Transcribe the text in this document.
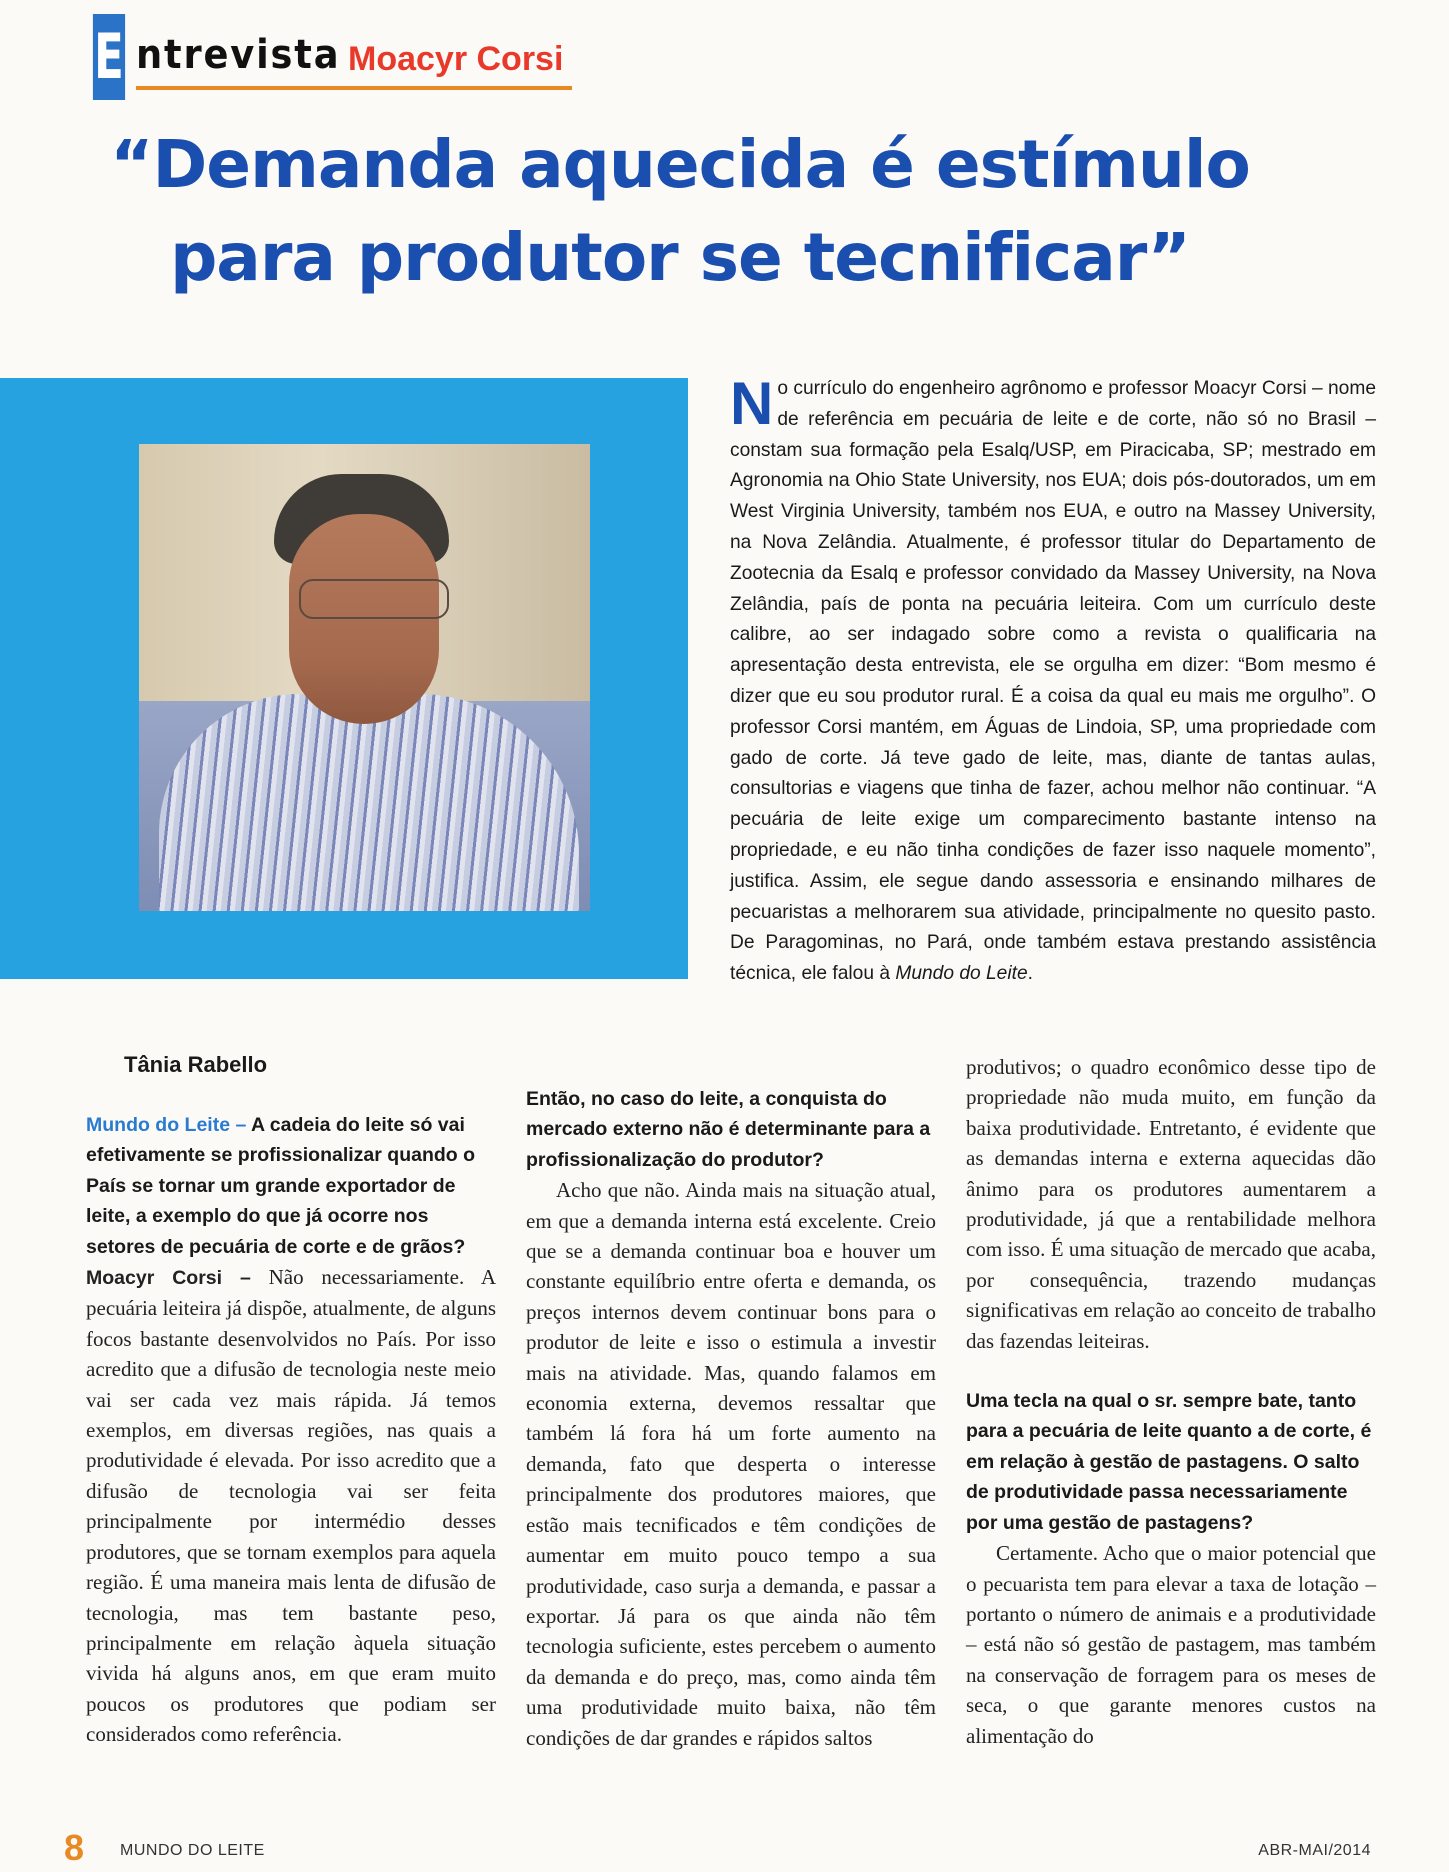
E ntrevista Moacyr Corsi
“Demanda aquecida é estímulo para produtor se tecnificar”
No currículo do engenheiro agrônomo e professor Moacyr Corsi – nome de referência em pecuária de leite e de corte, não só no Brasil – constam sua formação pela Esalq/USP, em Piracicaba, SP; mestrado em Agronomia na Ohio State University, nos EUA; dois pós-doutorados, um em West Virginia University, também nos EUA, e outro na Massey University, na Nova Zelândia. Atualmente, é professor titular do Departamento de Zootecnia da Esalq e professor convidado da Massey University, na Nova Zelândia, país de ponta na pecuária leiteira. Com um currículo deste calibre, ao ser indagado sobre como a revista o qualificaria na apresentação desta entrevista, ele se orgulha em dizer: “Bom mesmo é dizer que eu sou produtor rural. É a coisa da qual eu mais me orgulho”. O professor Corsi mantém, em Águas de Lindoia, SP, uma propriedade com gado de corte. Já teve gado de leite, mas, diante de tantas aulas, consultorias e viagens que tinha de fazer, achou melhor não continuar. “A pecuária de leite exige um comparecimento bastante intenso na propriedade, e eu não tinha condições de fazer isso naquele momento”, justifica. Assim, ele segue dando assessoria e ensinando milhares de pecuaristas a melhorarem sua atividade, principalmente no quesito pasto. De Paragominas, no Pará, onde também estava prestando assistência técnica, ele falou à Mundo do Leite.
Tânia Rabello

Mundo do Leite – A cadeia do leite só vai efetivamente se profissionalizar quando o País se tornar um grande exportador de leite, a exemplo do que já ocorre nos setores de pecuária de corte e de grãos?

Moacyr Corsi – Não necessariamente. A pecuária leiteira já dispõe, atualmente, de alguns focos bastante desenvolvidos no País. Por isso acredito que a difusão de tecnologia neste meio vai ser cada vez mais rápida. Já temos exemplos, em diversas regiões, nas quais a produtividade é elevada. Por isso acredito que a difusão de tecnologia vai ser feita principalmente por intermédio desses produtores, que se tornam exemplos para aquela região. É uma maneira mais lenta de difusão de tecnologia, mas tem bastante peso, principalmente em relação àquela situação vivida há alguns anos, em que eram muito poucos os produtores que podiam ser considerados como referência.

Então, no caso do leite, a conquista do mercado externo não é determinante para a profissionalização do produtor?

Acho que não. Ainda mais na situação atual, em que a demanda interna está excelente. Creio que se a demanda continuar boa e houver um constante equilíbrio entre oferta e demanda, os preços internos devem continuar bons para o produtor de leite e isso o estimula a investir mais na atividade. Mas, quando falamos em economia externa, devemos ressaltar que também lá fora há um forte aumento na demanda, fato que desperta o interesse principalmente dos produtores maiores, que estão mais tecnificados e têm condições de aumentar em muito pouco tempo a sua produtividade, caso surja a demanda, e passar a exportar. Já para os que ainda não têm tecnologia suficiente, estes percebem o aumento da demanda e do preço, mas, como ainda têm uma produtividade muito baixa, não têm condições de dar grandes e rápidos saltos

produtivos; o quadro econômico desse tipo de propriedade não muda muito, em função da baixa produtividade. Entretanto, é evidente que as demandas interna e externa aquecidas dão ânimo para os produtores aumentarem a produtividade, já que a rentabilidade melhora com isso. É uma situação de mercado que acaba, por consequência, trazendo mudanças significativas em relação ao conceito de trabalho das fazendas leiteiras.

Uma tecla na qual o sr. sempre bate, tanto para a pecuária de leite quanto a de corte, é em relação à gestão de pastagens. O salto de produtividade passa necessariamente por uma gestão de pastagens?

Certamente. Acho que o maior potencial que o pecuarista tem para elevar a taxa de lotação – portanto o número de animais e a produtividade – está não só gestão de pastagem, mas também na conservação de forragem para os meses de seca, o que garante menores custos na alimentação do

8 MUNDO DO LEITE	ABR-MAI/2014
